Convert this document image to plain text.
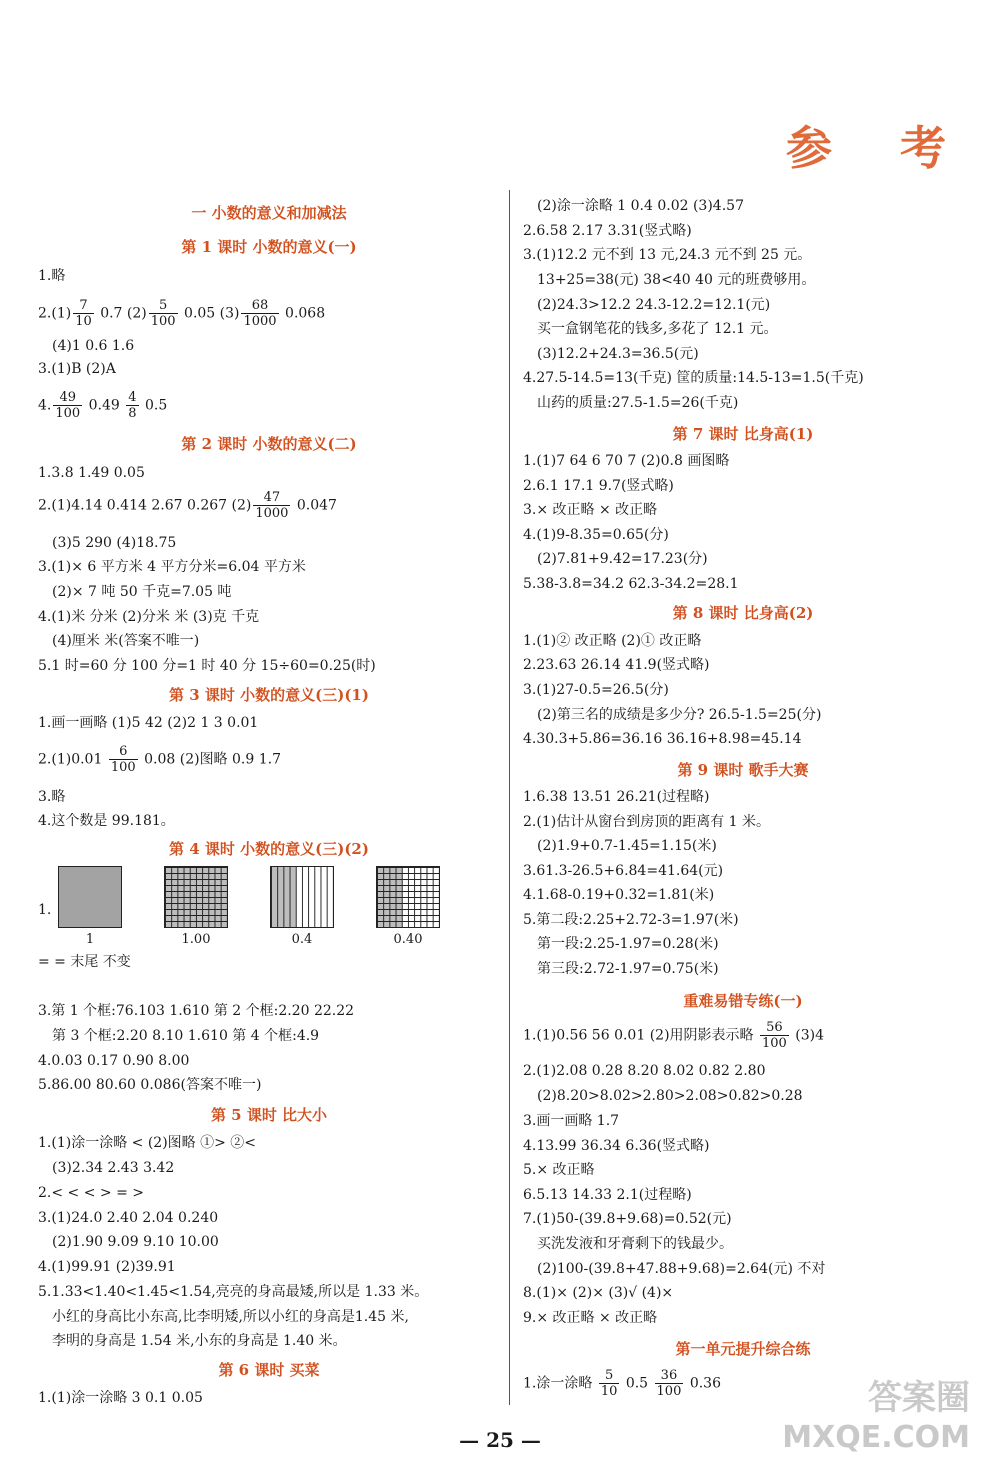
参 考
一 小数的意义和加减法
第 1 课时 小数的意义(一)
1.略
$2.(1) \frac{7}{10} 0.7$ $(2) \frac{5}{100} 0.05$ $(3) \frac{68}{1000} 0.068$
(4)1 0.6 1.6
3.(1)B (2)A
4. $\frac{49}{100} 0.49 \frac{4}{8} 0.5$
第 2 课时 小数的意义(二)
1.3.8 1.49 0.05
2.(1)4.14 0.414 2.67 0.267 $(2) \frac{47}{1000} 0.047$
(3)5 290 (4)18.75
3.(1)× 6 平方米 4 平方分米=6.04 平方米
(2)× 7 吨 50 千克=7.05 吨
4.(1)米 分米 (2)分米 米 (3)克 千克
(4)厘米 米(答案不唯一)
5.1 时=60 分 100 分=1 时 40 分 15÷60=0.25(时)
第 3 课时 小数的意义(三)(1)
1.画一画略 (1)5 42 (2)2 1 3 0.01
$2.(1)0.01 \frac{6}{100} 0.08$ (2)图略 0.9 1.7
3.略
4.这个数是 99.181。
第 4 课时 小数的意义(三)(2)
1.
1	1.00	0.4	0.40
= = 末尾 不变
3.第 1 个框:76.103 1.610 第 2 个框:2.20 22.22
第 3 个框:2.20 8.10 1.610 第 4 个框:4.9
4.0.03 0.17 0.90 8.00
5.86.00 80.60 0.086(答案不唯一)
第 5 课时 比大小
1.(1)涂一涂略 < (2)图略 ①> ②<
(3)2.34 2.43 3.42
2.< < < > = >
3.(1)24.0 2.40 2.04 0.240
(2)1.90 9.09 9.10 10.00
4.(1)99.91 (2)39.91
5.1.33<1.40<1.45<1.54,亮亮的身高最矮,所以是 1.33 米。
小红的身高比小东高,比李明矮,所以小红的身高是1.45 米,
李明的身高是 1.54 米,小东的身高是 1.40 米。
第 6 课时 买菜
1.(1)涂一涂略 3 0.1 0.05
(2)涂一涂略 1 0.4 0.02 (3)4.57
2.6.58 2.17 3.31(竖式略)
3.(1)12.2 元不到 13 元,24.3 元不到 25 元。
13+25=38(元) 38<40 40 元的班费够用。
(2)24.3>12.2 24.3-12.2=12.1(元)
买一盒钢笔花的钱多,多花了 12.1 元。
(3)12.2+24.3=36.5(元)
4.27.5-14.5=13(千克) 筐的质量:14.5-13=1.5(千克)
山药的质量:27.5-1.5=26(千克)
第 7 课时 比身高(1)
1.(1)7 64 6 70 7 (2)0.8 画图略
2.6.1 17.1 9.7(竖式略)
3.× 改正略 × 改正略
4.(1)9-8.35=0.65(分)
(2)7.81+9.42=17.23(分)
5.38-3.8=34.2 62.3-34.2=28.1
第 8 课时 比身高(2)
1.(1)② 改正略 (2)① 改正略
2.23.63 26.14 41.9(竖式略)
3.(1)27-0.5=26.5(分)
(2)第三名的成绩是多少分? 26.5-1.5=25(分)
4.30.3+5.86=36.16 36.16+8.98=45.14
第 9 课时 歌手大赛
1.6.38 13.51 26.21(过程略)
2.(1)估计从窗台到房顶的距离有 1 米。
(2)1.9+0.7-1.45=1.15(米)
3.61.3-26.5+6.84=41.64(元)
4.1.68-0.19+0.32=1.81(米)
5.第二段:2.25+2.72-3=1.97(米)
第一段:2.25-1.97=0.28(米)
第三段:2.72-1.97=0.75(米)
重难易错专练(一)
1.(1)0.56 56 0.01 (2)用阴影表示略 $\frac{56}{100} (3)4$
2.(1)2.08 0.28 8.20 8.02 0.82 2.80
(2)8.20>8.02>2.80>2.08>0.82>0.28
3.画一画略 1.7
4.13.99 36.34 6.36(竖式略)
5.× 改正略
6.5.13 14.33 2.1(过程略)
7.(1)50-(39.8+9.68)=0.52(元)
买洗发液和牙膏剩下的钱最少。
(2)100-(39.8+47.88+9.68)=2.64(元) 不对
8.(1)× (2)× (3)√ (4)×
9.× 改正略 × 改正略
第一单元提升综合练
1.涂一涂略 $\frac{5}{10} 0.5 \frac{36}{100} 0.36$
— 25 —
答案圈
MXQE.COM
